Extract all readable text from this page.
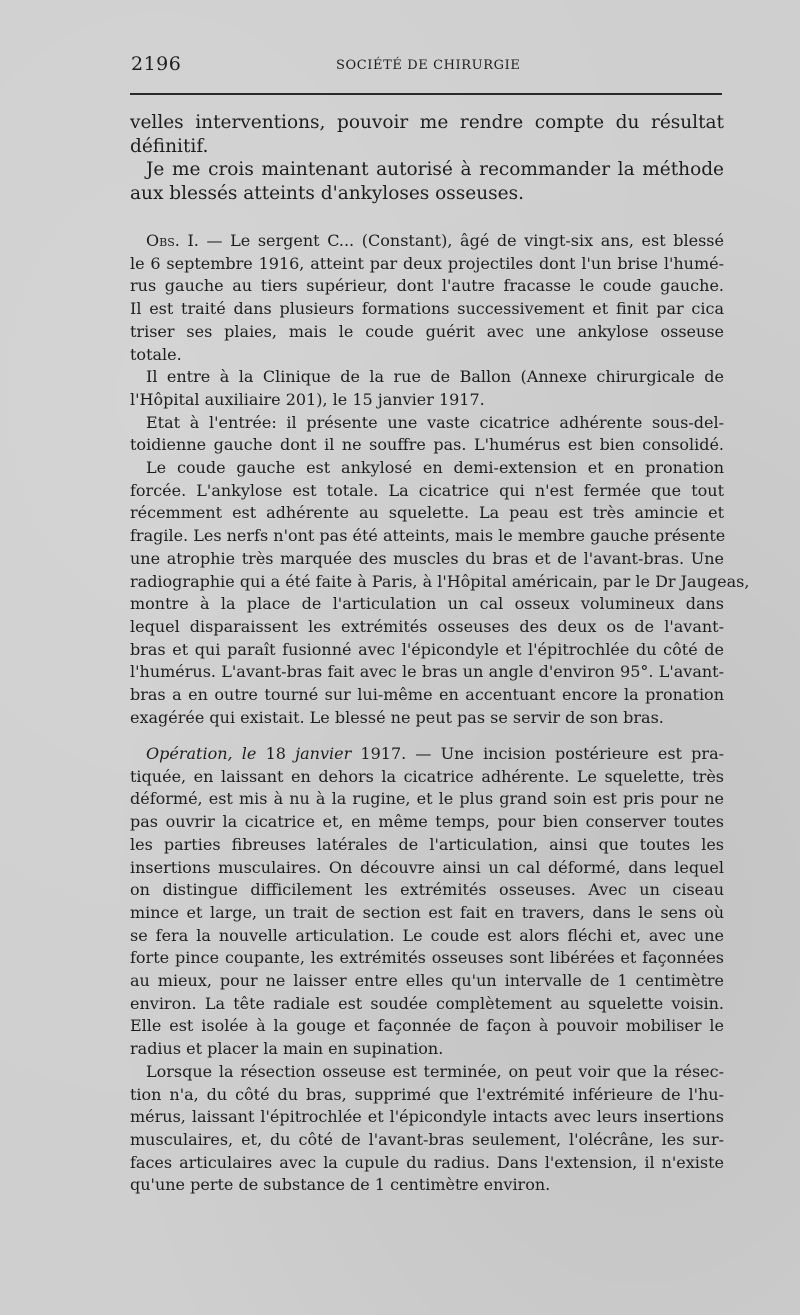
2196	SOCIÉTÉ DE CHIRURGIE
velles interventions, pouvoir me rendre compte du résultat
définitif.
Je me crois maintenant autorisé à recommander la méthode
aux blessés atteints d'ankyloses osseuses.
Obs. I. — Le sergent C... (Constant), âgé de vingt-six ans, est blessé
le 6 septembre 1916, atteint par deux projectiles dont l'un brise l'humé-
rus gauche au tiers supérieur, dont l'autre fracasse le coude gauche.
Il est traité dans plusieurs formations successivement et finit par cica
triser ses plaies, mais le coude guérit avec une ankylose osseuse
totale.
Il entre à la Clinique de la rue de Ballon (Annexe chirurgicale de
l'Hôpital auxiliaire 201), le 15 janvier 1917.
Etat à l'entrée: il présente une vaste cicatrice adhérente sous-del-
toidienne gauche dont il ne souffre pas. L'humérus est bien consolidé.
Le coude gauche est ankylosé en demi-extension et en pronation
forcée. L'ankylose est totale. La cicatrice qui n'est fermée que tout
récemment est adhérente au squelette. La peau est très amincie et
fragile. Les nerfs n'ont pas été atteints, mais le membre gauche présente
une atrophie très marquée des muscles du bras et de l'avant-bras. Une
radiographie qui a été faite à Paris, à l'Hôpital américain, par le Dr Jaugeas,
montre à la place de l'articulation un cal osseux volumineux dans
lequel disparaissent les extrémités osseuses des deux os de l'avant-
bras et qui paraît fusionné avec l'épicondyle et l'épitrochlée du côté de
l'humérus. L'avant-bras fait avec le bras un angle d'environ 95°. L'avant-
bras a en outre tourné sur lui-même en accentuant encore la pronation
exagérée qui existait. Le blessé ne peut pas se servir de son bras.
Opération, le 18 janvier 1917. — Une incision postérieure est pra-
tiquée, en laissant en dehors la cicatrice adhérente. Le squelette, très
déformé, est mis à nu à la rugine, et le plus grand soin est pris pour ne
pas ouvrir la cicatrice et, en même temps, pour bien conserver toutes
les parties fibreuses latérales de l'articulation, ainsi que toutes les
insertions musculaires. On découvre ainsi un cal déformé, dans lequel
on distingue difficilement les extrémités osseuses. Avec un ciseau
mince et large, un trait de section est fait en travers, dans le sens où
se fera la nouvelle articulation. Le coude est alors fléchi et, avec une
forte pince coupante, les extrémités osseuses sont libérées et façonnées
au mieux, pour ne laisser entre elles qu'un intervalle de 1 centimètre
environ. La tête radiale est soudée complètement au squelette voisin.
Elle est isolée à la gouge et façonnée de façon à pouvoir mobiliser le
radius et placer la main en supination.
Lorsque la résection osseuse est terminée, on peut voir que la résec-
tion n'a, du côté du bras, supprimé que l'extrémité inférieure de l'hu-
mérus, laissant l'épitrochlée et l'épicondyle intacts avec leurs insertions
musculaires, et, du côté de l'avant-bras seulement, l'olécrâne, les sur-
faces articulaires avec la cupule du radius. Dans l'extension, il n'existe
qu'une perte de substance de 1 centimètre environ.
